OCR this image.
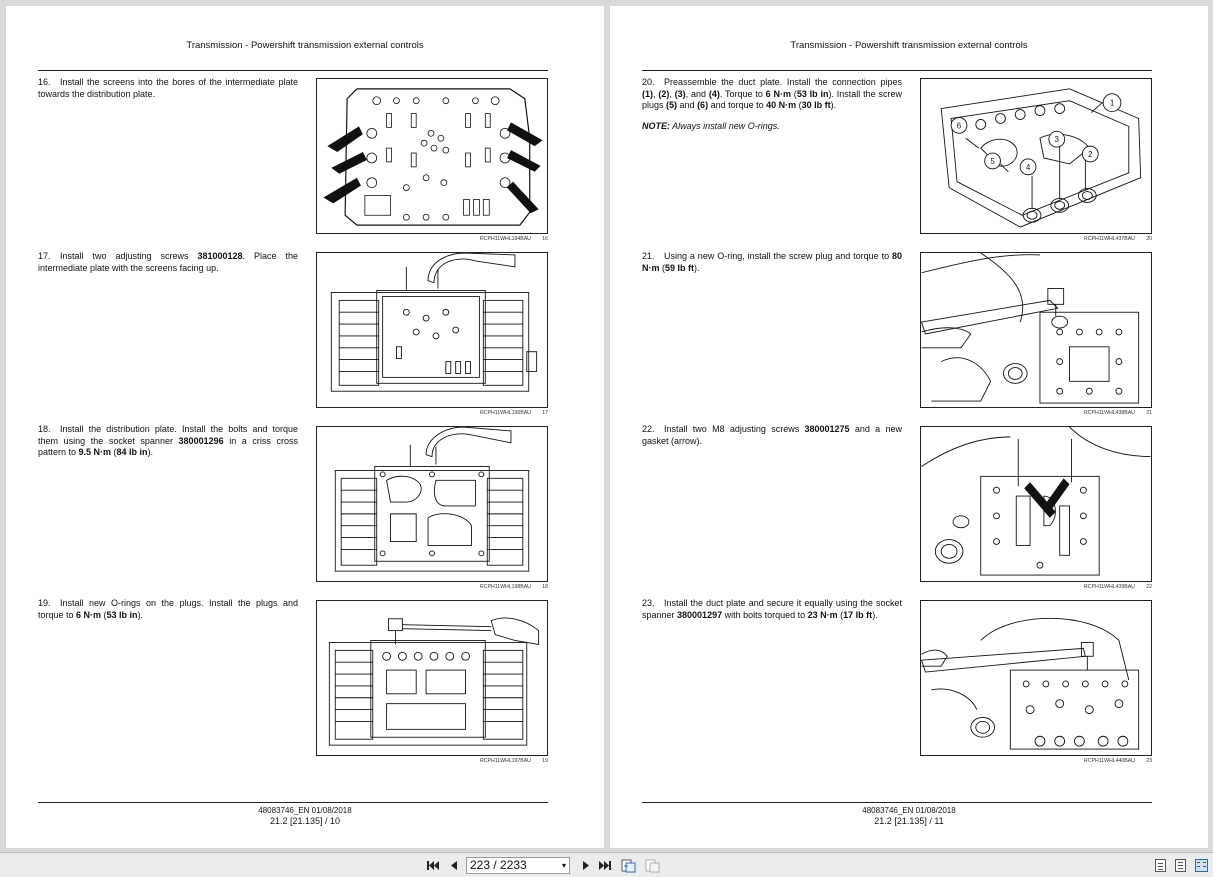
Transmission - Powershift transmission external controls
16. Install the screens into the bores of the intermediate plate towards the distribution plate.
RCPH11WHL194BAU 16
17. Install two adjusting screws 381000128. Place the intermediate plate with the screens facing up.
RCPH11WHL196BAU 17
18. Install the distribution plate. Install the bolts and torque them using the socket spanner 380001296 in a criss cross pattern to 9.5 N·m (84 lb in).
RCPH11WHL198BAU 18
19. Install new O-rings on the plugs. Install the plugs and torque to 6 N·m (53 lb in).
RCPH11WHL197BAU 19
48083746_EN 01/08/2018
21.2 [21.135] / 10
Transmission - Powershift transmission external controls
20. Preassemble the duct plate. Install the connection pipes (1), (2), (3), and (4). Torque to 6 N·m (53 lb in). Install the screw plugs (5) and (6) and torque to 40 N·m (30 lb ft).
NOTE: Always install new O-rings.
1
2
3
4
5
6
RCPH11WHL437BAU 20
21. Using a new O-ring, install the screw plug and torque to 80 N·m (59 lb ft).
RCPH11WHL438BAU 21
22. Install two M8 adjusting screws 380001275 and a new gasket (arrow).
RCPH11WHL439BAU 22
23. Install the duct plate and secure it equally using the socket spanner 380001297 with bolts torqued to 23 N·m (17 lb ft).
RCPH11WHL440BAU 23
48083746_EN 01/08/2018
21.2 [21.135] / 11
223 / 2233	▾
